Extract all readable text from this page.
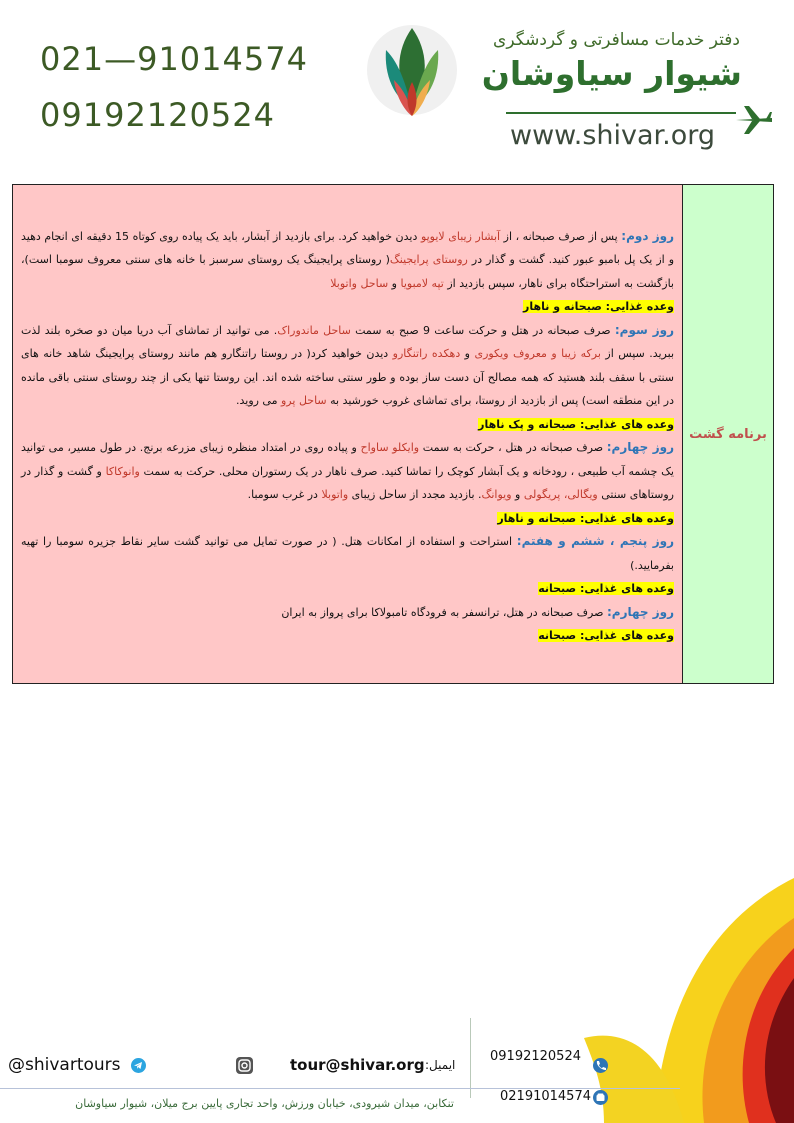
021—91014574
09192120524
دفتر خدمات مسافرتی و گردشگری
شیوار سیاوشان
www.shivar.org
برنامه گشت	
روز دوم: پس از صرف صبحانه ، از آبشار زیبای لایوپو دیدن خواهید کرد. برای بازدید از آبشار، باید یک پیاده روی کوتاه 15 دقیقه ای انجام دهید و از یک پل بامبو عبور کنید. گشت و گذار در روستای پرایجینگ( روستای پرایجینگ یک روستای سرسبز با خانه های سنتی معروف سومبا است)، بازگشت به استراحتگاه برای ناهار، سپس بازدید از تپه لامبویا و ساحل واتوبلا
وعده غذایی: صبحانه و ناهار
روز سوم: صرف صبحانه در هتل و حرکت ساعت 9 صبح به سمت ساحل ماندوراک. می توانید از تماشای آب دریا میان دو صخره بلند لذت ببرید. سپس از برکه زیبا و معروف ویکوری و دهکده راتنگارو دیدن خواهید کرد( در روستا راتنگارو هم مانند روستای پرایجینگ شاهد خانه های سنتی با سقف بلند هستید که همه مصالح آن دست ساز بوده و طور سنتی ساخته شده اند. این روستا تنها یکی از چند روستای سنتی باقی مانده در این منطقه است) پس از بازدید از روستا، برای تماشای غروب خورشید به ساحل پرو می روید.
وعده های غذایی: صبحانه و پک ناهار
روز چهارم: صرف صبحانه در هتل ، حرکت به سمت وایکلو ساواح و پیاده روی در امتداد منظره زیبای مزرعه برنج. در طول مسیر، می توانید یک چشمه آب طبیعی ، رودخانه و یک آبشار کوچک را تماشا کنید. صرف ناهار در یک رستوران محلی. حرکت به سمت وانوکاکا و گشت و گذار در روستاهای سنتی ویگالی، پریگولی و ویوانگ. بازدید مجدد از ساحل زیبای واتوبلا در غرب سومبا.
وعده های غذایی: صبحانه و ناهار
روز پنجم ، ششم و هفتم: استراحت و استفاده از امکانات هتل. ( در صورت تمایل می توانید گشت سایر نقاط جزیره سومبا را تهیه بفرمایید.)
وعده های غذایی: صبحانه
روز چهارم: صرف صبحانه در هتل، ترانسفر به فرودگاه تامبولاکا برای پرواز به ایران
وعده های غذایی: صبحانه
@shivartours	tour@shivar.org ایمیل:
09192120524
02191014574
تنکابن، میدان شیرودی، خیابان ورزش، واحد تجاری پایین برج میلان، شیوار سیاوشان
